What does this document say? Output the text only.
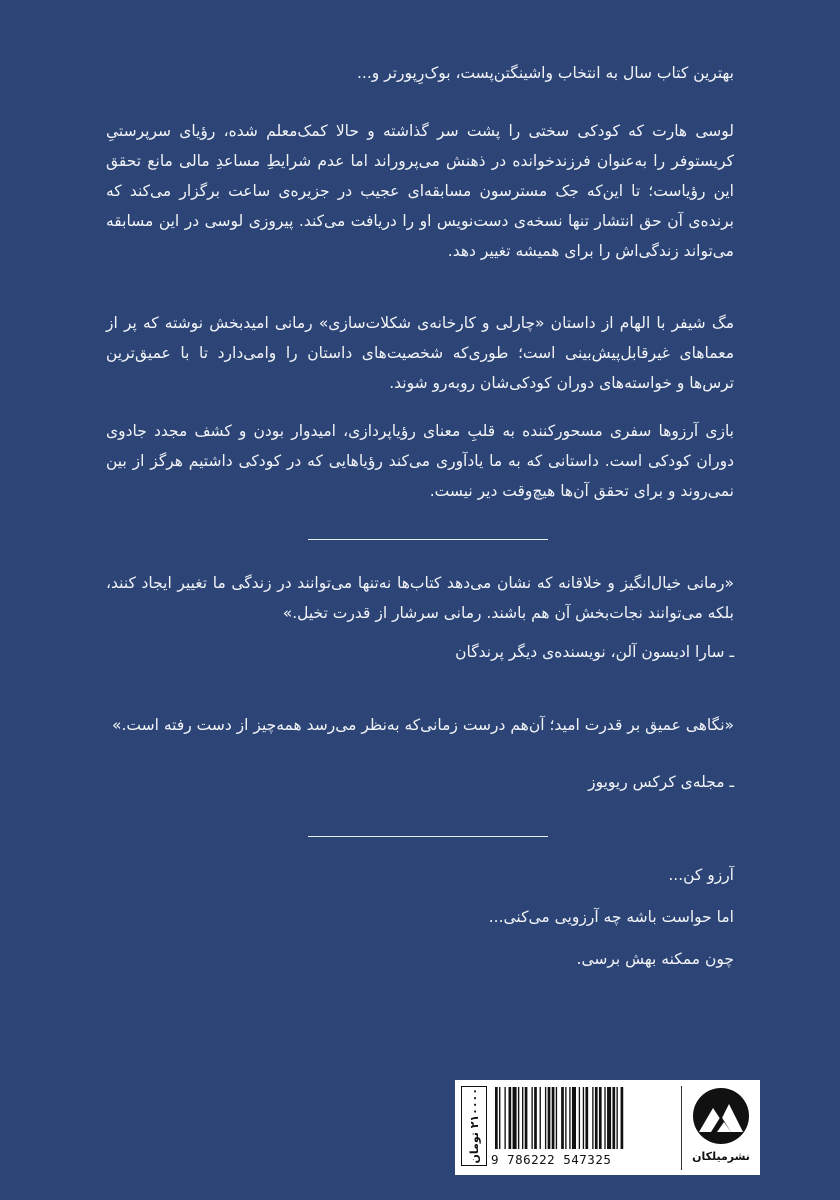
بهترین کتاب سال به انتخاب واشینگتن‌پست، بوک‌رِپورتر و...

لوسی هارت که کودکی سختی را پشت سر گذاشته و حالا کمک‌معلم شده، رؤیای سرپرستیِ کریستوفر را به‌عنوان فرزندخوانده در ذهنش می‌پروراند اما عدم شرایطِ مساعدِ مالی مانع تحقق این رؤیاست؛ تا این‌که جک مسترسون مسابقه‌ای عجیب در جزیره‌ی ساعت برگزار می‌کند که برنده‌ی آن حق انتشار تنها نسخه‌ی دست‌نویس او را دریافت می‌کند. پیروزی لوسی در این مسابقه می‌تواند زندگی‌اش را برای همیشه تغییر دهد.

مگ شیفر با الهام از داستان «چارلی و کارخانه‌ی شکلات‌سازی» رمانی امیدبخش نوشته که پر از معماهای غیرقابل‌پیش‌بینی است؛ طوری‌که شخصیت‌های داستان را وامی‌دارد تا با عمیق‌ترین ترس‌ها و خواسته‌های دوران کودکی‌شان روبه‌رو شوند.

بازی آرزوها سفری مسحورکننده به قلبِ معنای رؤیاپردازی، امیدوار بودن و کشف مجدد جادوی دوران کودکی است. داستانی که به ما یادآوری می‌کند رؤیاهایی که در کودکی داشتیم هرگز از بین نمی‌روند و برای تحقق آن‌ها هیچ‌وقت دیر نیست.

«رمانی خیال‌انگیز و خلاقانه که نشان می‌دهد کتاب‌ها نه‌تنها می‌توانند در زندگی ما تغییر ایجاد کنند، بلکه می‌توانند نجات‌بخش آن هم باشند. رمانی سرشار از قدرت تخیل.»

ـ سارا ادیسون آلن، نویسنده‌ی دیگر پرندگان

«نگاهی عمیق بر قدرت امید؛ آن‌هم درست زمانی‌که به‌نظر می‌رسد همه‌چیز از دست رفته است.»

ـ مجله‌ی کرکس ریویوز

آرزو کن...
اما حواست باشه چه آرزویی می‌کنی...
چون ممکنه بهش برسی.
۲۱۰۰۰۰ تومان
9 786222 547325	نشرمیلکان
